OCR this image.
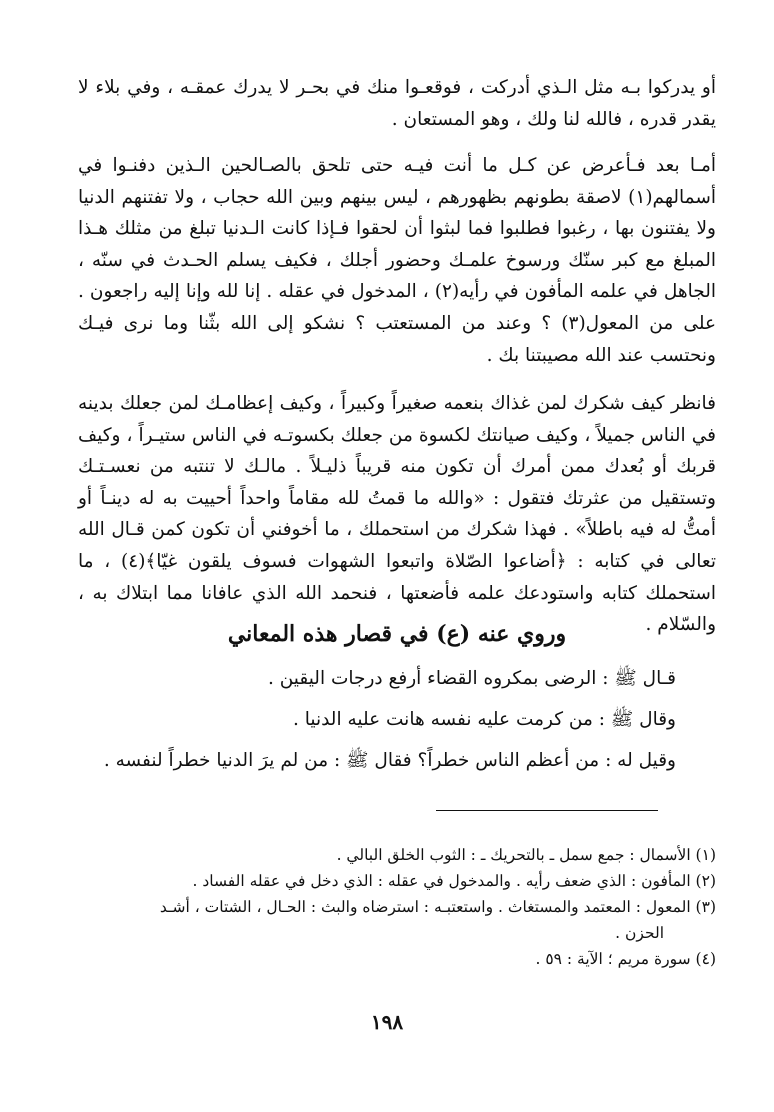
أو يدركوا بـه مثل الـذي أدركت ، فوقعـوا منك في بحـر لا يدرك عمقـه ، وفي بلاء لا يقدر قدره ، فالله لنا ولك ، وهو المستعان .

أمـا بعد فـأعرض عن كـل ما أنت فيـه حتى تلحق بالصـالحين الـذين دفنـوا في أسمالهم(١) لاصقة بطونهم بظهورهم ، ليس بينهم وبين الله حجاب ، ولا تفتنهم الدنيا ولا يفتنون بها ، رغبوا فطلبوا فما لبثوا أن لحقوا فـإذا كانت الـدنيا تبلغ من مثلك هـذا المبلغ مع كبر سنّك ورسوخ علمـك وحضور أجلك ، فكيف يسلم الحـدث في سنّه ، الجاهل في علمه المأفون في رأيه(٢) ، المدخول في عقله . إنا لله وإنا إليه راجعون . على من المعول(٣) ؟ وعند من المستعتب ؟ نشكو إلى الله بثّنا وما نرى فيـك ونحتسب عند الله مصيبتنا بك .

فانظر كيف شكرك لمن غذاك بنعمه صغيراً وكبيراً ، وكيف إعظامـك لمن جعلك بدينه في الناس جميلاً ، وكيف صيانتك لكسوة من جعلك بكسوتـه في الناس ستيـراً ، وكيف قربك أو بُعدك ممن أمرك أن تكون منه قريباً ذليـلاً . مالـك لا تنتبه من نعسـتـك وتستقيل من عثرتك فتقول : «والله ما قمتُ لله مقاماً واحداً أحييت به له دينـاً أو أمتُّ له فيه باطلاً» . فهذا شكرك من استحملك ، ما أخوفني أن تكون كمن قـال الله تعالى في كتابه : ﴿أضاعوا الصّلاة واتبعوا الشهوات فسوف يلقون غيّا﴾(٤) ، ما استحملك كتابه واستودعك علمه فأضعتها ، فنحمد الله الذي عافانا مما ابتلاك به ، والسّلام .

وروي عنه (ع) في قصار هذه المعاني
قـال ﷺ : الرضى بمكروه القضاء أرفع درجات اليقين .
وقال ﷺ : من كرمت عليه نفسه هانت عليه الدنيا .
وقيل له : من أعظم الناس خطراً؟ فقال ﷺ : من لم يرَ الدنيا خطراً لنفسه .

(١) الأسمال : جمع سمل ـ بالتحريك ـ : الثوب الخلق البالي .

(٢) المأفون : الذي ضعف رأيه . والمدخول في عقله : الذي دخل في عقله الفساد .

(٣) المعول : المعتمد والمستغاث . واستعتبـه : استرضاه والبث : الحـال ، الشتات ، أشـد

الحزن .

(٤) سورة مريم ؛ الآية : ٥٩ .

١٩٨
